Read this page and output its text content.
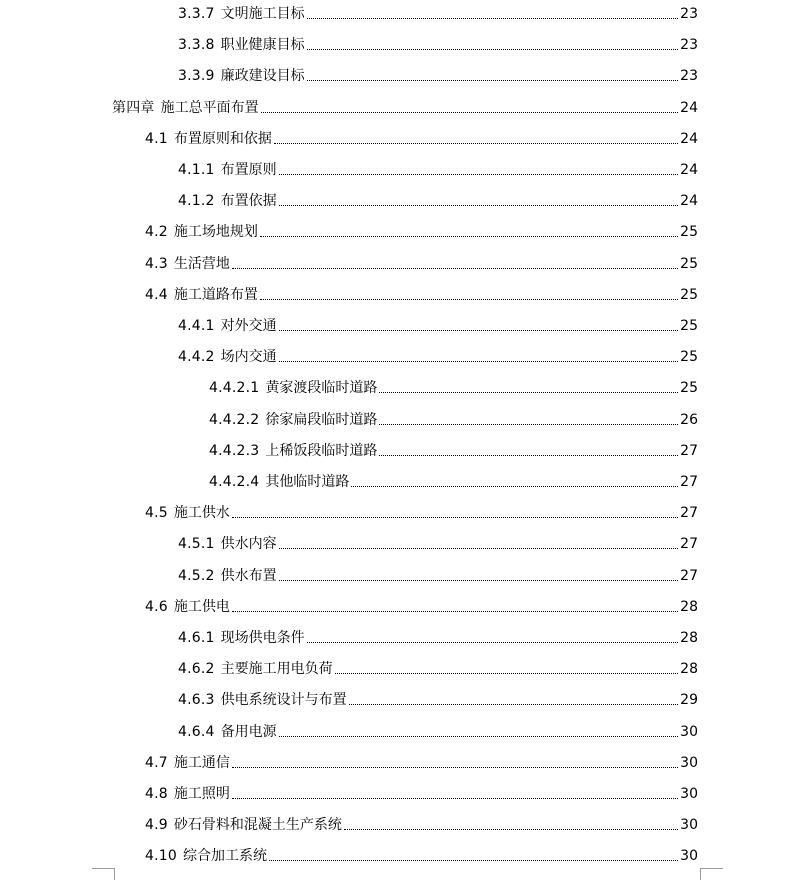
3.3.7 文明施工目标	23
3.3.8 职业健康目标	23
3.3.9 廉政建设目标	23
第四章 施工总平面布置	24
4.1 布置原则和依据	24
4.1.1 布置原则	24
4.1.2 布置依据	24
4.2 施工场地规划	25
4.3 生活营地	25
4.4 施工道路布置	25
4.4.1 对外交通	25
4.4.2 场内交通	25
4.4.2.1 黄家渡段临时道路	25
4.4.2.2 徐家扁段临时道路	26
4.4.2.3 上稀饭段临时道路	27
4.4.2.4 其他临时道路	27
4.5 施工供水	27
4.5.1 供水内容	27
4.5.2 供水布置	27
4.6 施工供电	28
4.6.1 现场供电条件	28
4.6.2 主要施工用电负荷	28
4.6.3 供电系统设计与布置	29
4.6.4 备用电源	30
4.7 施工通信	30
4.8 施工照明	30
4.9 砂石骨料和混凝土生产系统	30
4.10 综合加工系统	30
